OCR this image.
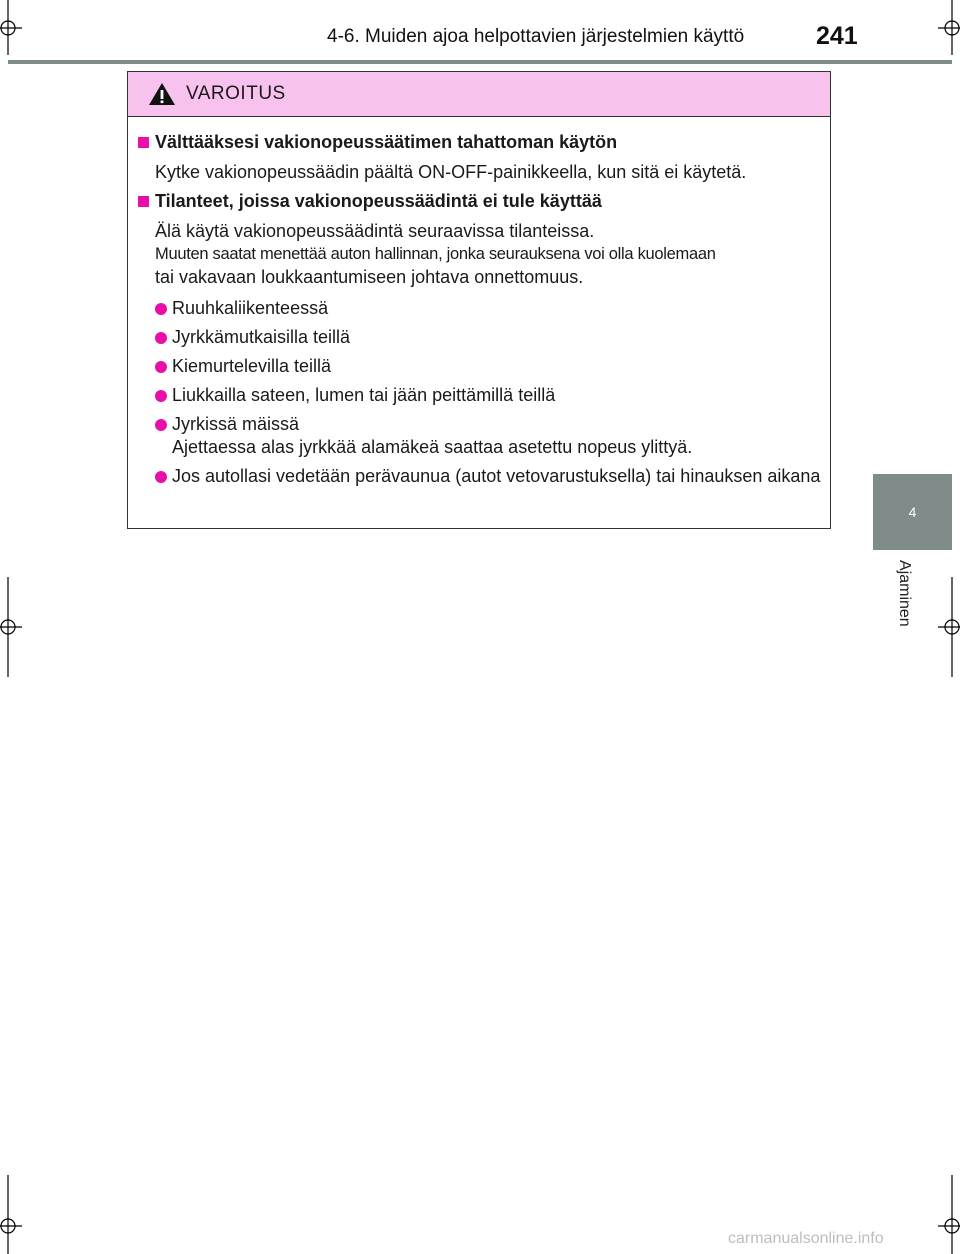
4-6. Muiden ajoa helpottavien järjestelmien käyttö	241
4
Ajaminen
VAROITUS
Välttääksesi vakionopeussäätimen tahattoman käytön
Kytke vakionopeussäädin päältä ON-OFF-painikkeella, kun sitä ei käytetä.
Tilanteet, joissa vakionopeussäädintä ei tule käyttää
Älä käytä vakionopeussäädintä seuraavissa tilanteissa.
Muuten saatat menettää auton hallinnan, jonka seurauksena voi olla kuolemaan
tai vakavaan loukkaantumiseen johtava onnettomuus.
Ruuhkaliikenteessä
Jyrkkämutkaisilla teillä
Kiemurtelevilla teillä
Liukkailla sateen, lumen tai jään peittämillä teillä
Jyrkissä mäissä
Ajettaessa alas jyrkkää alamäkeä saattaa asetettu nopeus ylittyä.
Jos autollasi vedetään perävaunua (autot vetovarustuksella) tai hinauksen aikana
carmanualsonline.info
